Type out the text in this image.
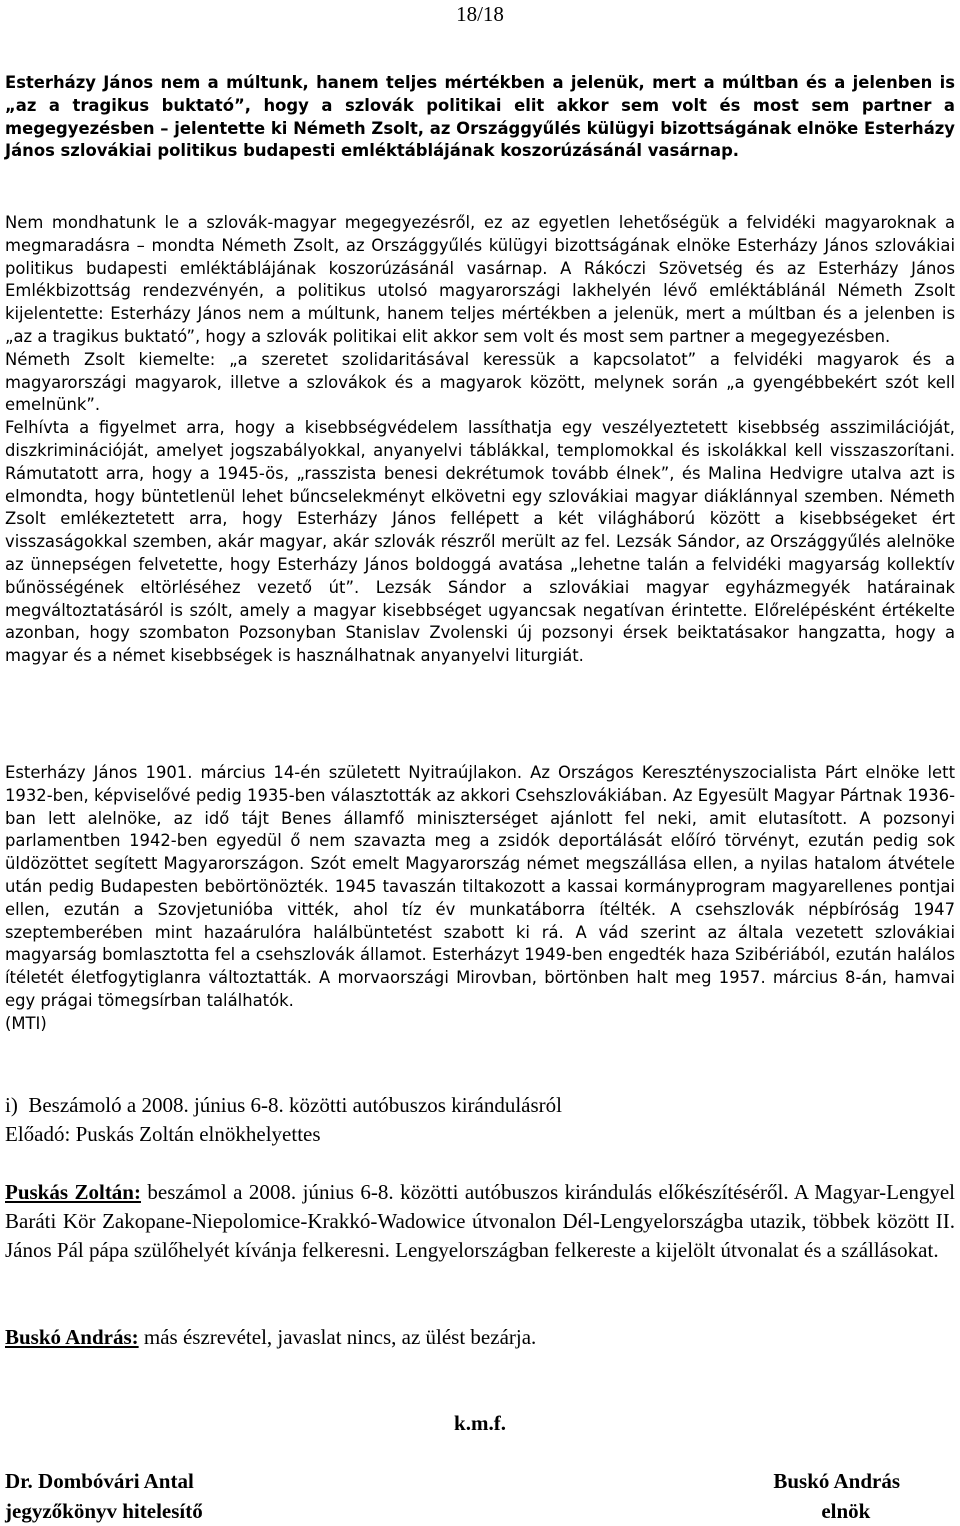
18/18

Esterházy János nem a múltunk, hanem teljes mértékben a jelenük, mert a múltban és a jelenben is „az a tragikus buktató”, hogy a szlovák politikai elit akkor sem volt és most sem partner a megegyezésben – jelentette ki Németh Zsolt, az Országgyűlés külügyi bizottságának elnöke Esterházy János szlovákiai politikus budapesti emléktáblájának koszorúzásánál vasárnap.

Nem mondhatunk le a szlovák-magyar megegyezésről, ez az egyetlen lehetőségük a felvidéki magyaroknak a megmaradásra – mondta Németh Zsolt, az Országgyűlés külügyi bizottságának elnöke Esterházy János szlovákiai politikus budapesti emléktáblájának koszorúzásánál vasárnap. A Rákóczi Szövetség és az Esterházy János Emlékbizottság rendezvényén, a politikus utolsó magyarországi lakhelyén lévő emléktáblánál Németh Zsolt kijelentette: Esterházy János nem a múltunk, hanem teljes mértékben a jelenük, mert a múltban és a jelenben is „az a tragikus buktató”, hogy a szlovák politikai elit akkor sem volt és most sem partner a megegyezésben.
Németh Zsolt kiemelte: „a szeretet szolidaritásával keressük a kapcsolatot” a felvidéki magyarok és a magyarországi magyarok, illetve a szlovákok és a magyarok között, melynek során „a gyengébbekért szót kell emelnünk”.
Felhívta a figyelmet arra, hogy a kisebbségvédelem lassíthatja egy veszélyeztetett kisebbség asszimilációját, diszkriminációját, amelyet jogszabályokkal, anyanyelvi táblákkal, templomokkal és iskolákkal kell visszaszorítani. Rámutatott arra, hogy a 1945-ös, „rasszista benesi dekrétumok tovább élnek”, és Malina Hedvigre utalva azt is elmondta, hogy büntetlenül lehet bűncselekményt elkövetni egy szlovákiai magyar diáklánnyal szemben. Németh Zsolt emlékeztetett arra, hogy Esterházy János fellépett a két világháború között a kisebbségeket ért visszaságokkal szemben, akár magyar, akár szlovák részről merült az fel. Lezsák Sándor, az Országgyűlés alelnöke az ünnepségen felvetette, hogy Esterházy János boldoggá avatása „lehetne talán a felvidéki magyarság kollektív bűnösségének eltörléséhez vezető út”. Lezsák Sándor a szlovákiai magyar egyházmegyék határainak megváltoztatásáról is szólt, amely a magyar kisebbséget ugyancsak negatívan érintette. Előrelépésként értékelte azonban, hogy szombaton Pozsonyban Stanislav Zvolenski új pozsonyi érsek beiktatásakor hangzatta, hogy a magyar és a német kisebbségek is használhatnak anyanyelvi liturgiát.
Esterházy János 1901. március 14-én született Nyitraújlakon. Az Országos Keresztényszocialista Párt elnöke lett 1932-ben, képviselővé pedig 1935-ben választották az akkori Csehszlovákiában. Az Egyesült Magyar Pártnak 1936-ban lett alelnöke, az idő tájt Benes államfő miniszterséget ajánlott fel neki, amit elutasított. A pozsonyi parlamentben 1942-ben egyedül ő nem szavazta meg a zsidók deportálását előíró törvényt, ezután pedig sok üldözöttet segített Magyarországon. Szót emelt Magyarország német megszállása ellen, a nyilas hatalom átvétele után pedig Budapesten bebörtönözték. 1945 tavaszán tiltakozott a kassai kormányprogram magyarellenes pontjai ellen, ezután a Szovjetunióba vitték, ahol tíz év munkatáborra ítélték. A csehszlovák népbíróság 1947 szeptemberében mint hazaárulóra halálbüntetést szabott ki rá. A vád szerint az általa vezetett szlovákiai magyarság bomlasztotta fel a csehszlovák államot. Esterházyt 1949-ben engedték haza Szibériából, ezután halálos ítéletét életfogytiglanra változtatták. A morvaországi Mirovban, börtönben halt meg 1957. március 8-án, hamvai egy prágai tömegsírban találhatók.
(MTI)
i)  Beszámoló a 2008. június 6-8. közötti autóbuszos kirándulásról
Előadó: Puskás Zoltán elnökhelyettes

Puskás Zoltán: beszámol a 2008. június 6-8. közötti autóbuszos kirándulás előkészítéséről. A Magyar-Lengyel Baráti Kör Zakopane-Niepolomice-Krakkó-Wadowice útvonalon Dél-Lengyelországba utazik, többek között II. János Pál pápa szülőhelyét kívánja felkeresni. Lengyelországban felkereste a kijelölt útvonalat és a szállásokat.

Buskó András: más észrevétel, javaslat nincs, az ülést bezárja.

k.m.f.
Dr. Dombóvári Antal
jegyzőkönyv hitelesítő
Buskó András
elnök
